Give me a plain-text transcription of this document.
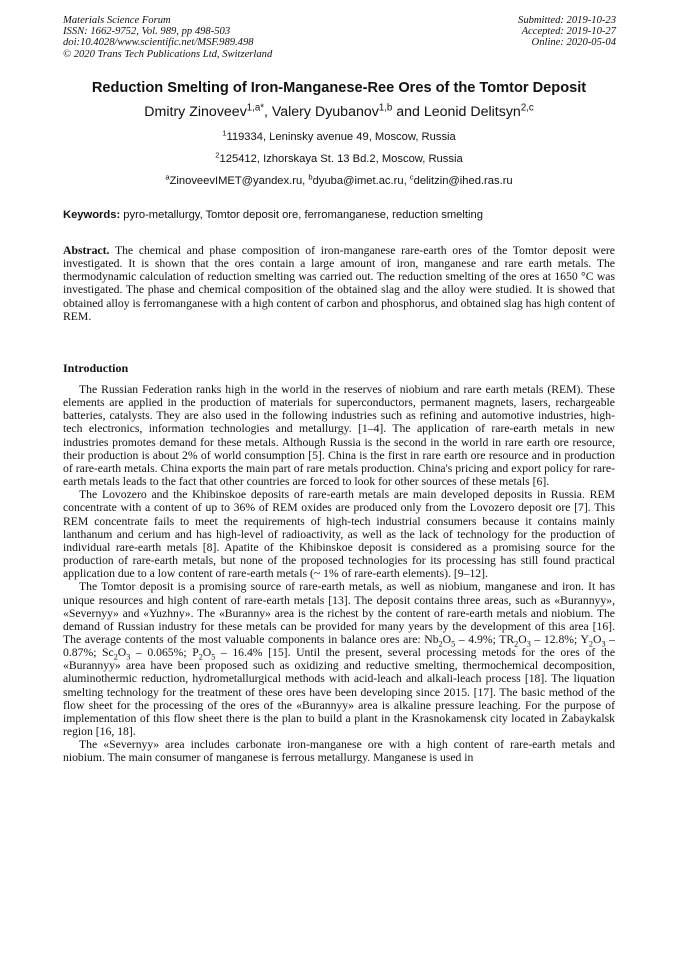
Materials Science Forum
ISSN: 1662-9752, Vol. 989, pp 498-503
doi:10.4028/www.scientific.net/MSF.989.498
© 2020 Trans Tech Publications Ltd, Switzerland
Submitted: 2019-10-23
Accepted: 2019-10-27
Online: 2020-05-04
Reduction Smelting of Iron-Manganese-Ree Ores of the Tomtor Deposit
Dmitry Zinoveev$^{1,a*}$, Valery Dyubanov$^{1,b}$ and Leonid Delitsyn$^{2,c}$
$^1$119334, Leninsky avenue 49, Moscow, Russia
$^2$125412, Izhorskaya St. 13 Bd.2, Moscow, Russia
$^a$ZinoveevIMET@yandex.ru, $^b$dyuba@imet.ac.ru, $^c$delitzin@ihed.ras.ru
Keywords: pyro-metallurgy, Tomtor deposit ore, ferromanganese, reduction smelting
Abstract. The chemical and phase composition of iron-manganese rare-earth ores of the Tomtor deposit were investigated. It is shown that the ores contain a large amount of iron, manganese and rare earth metals. The thermodynamic calculation of reduction smelting was carried out. The reduction smelting of the ores at 1650 °C was investigated. The phase and chemical composition of the obtained slag and the alloy were studied. It is showed that obtained alloy is ferromanganese with a high content of carbon and phosphorus, and obtained slag has high content of REM.
Introduction

The Russian Federation ranks high in the world in the reserves of niobium and rare earth metals (REM). These elements are applied in the production of materials for superconductors, permanent magnets, lasers, rechargeable batteries, catalysts. They are also used in the following industries such as refining and automotive industries, high-tech electronics, information technologies and metallurgy. [1–4]. The application of rare-earth metals in new industries promotes demand for these metals. Although Russia is the second in the world in rare earth ore resource, their production is about 2% of world consumption [5]. China is the first in rare earth ore resource and in production of rare-earth metals. China exports the main part of rare metals production. China's pricing and export policy for rare-earth metals leads to the fact that other countries are forced to look for other sources of these metals [6].

The Lovozero and the Khibinskoe deposits of rare-earth metals are main developed deposits in Russia. REM concentrate with a content of up to 36% of REM oxides are produced only from the Lovozero deposit ore [7]. This REM concentrate fails to meet the requirements of high-tech industrial consumers because it contains mainly lanthanum and cerium and has high-level of radioactivity, as well as the lack of technology for the production of individual rare-earth metals [8]. Apatite of the Khibinskoe deposit is considered as a promising source for the production of rare-earth metals, but none of the proposed technologies for its processing has still found practical application due to a low content of rare-earth metals (~ 1% of rare-earth elements). [9–12].

The Tomtor deposit is a promising source of rare-earth metals, as well as niobium, manganese and iron. It has unique resources and high content of rare-earth metals [13]. The deposit contains three areas, such as «Burannyy», «Severnyy» and «Yuzhny». The «Buranny» area is the richest by the content of rare-earth metals and niobium. The demand of Russian industry for these metals can be provided for many years by the development of this area [16]. The average contents of the most valuable components in balance ores are: $Nb_2O_5 - 4.9\%$; $TR_2O_3 - 12.8\%$; $Y_2O_3 - 0.87\%$; $Sc_2O_3 - 0.065\%$; $P_2O_5 - 16.4\%$ [15]. Until the present, several processing metods for the ores of the «Burannyy» area have been proposed such as oxidizing and reductive smelting, thermochemical decomposition, aluminothermic reduction, hydrometallurgical methods with acid-leach and alkali-leach process [18]. The liquation smelting technology for the treatment of these ores have been developing since 2015. [17]. The basic method of the flow sheet for the processing of the ores of the «Burannyy» area is alkaline pressure leaching. For the purpose of implementation of this flow sheet there is the plan to build a plant in the Krasnokamensk city located in Zabaykalsk region [16, 18].

The «Severnyy» area includes carbonate iron-manganese ore with a high content of rare-earth metals and niobium. The main consumer of manganese is ferrous metallurgy. Manganese is used in
